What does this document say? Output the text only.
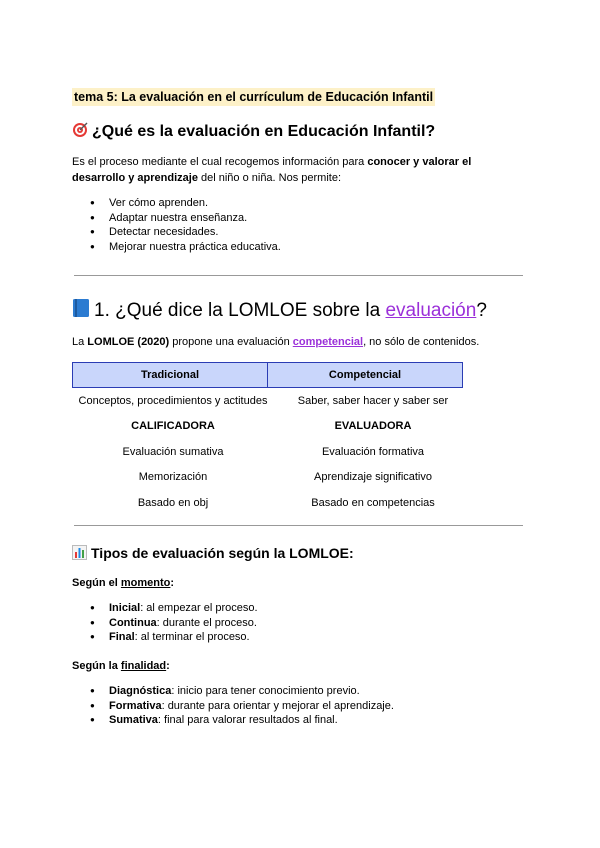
tema 5: La evaluación en el currículum de Educación Infantil
¿Qué es la evaluación en Educación Infantil?

Es el proceso mediante el cual recogemos información para conocer y valorar el desarrollo y aprendizaje del niño o niña. Nos permite:

● Ver cómo aprenden.
● Adaptar nuestra enseñanza.
● Detectar necesidades.
● Mejorar nuestra práctica educativa.
1. ¿Qué dice la LOMLOE sobre la evaluación?

La LOMLOE (2020) propone una evaluación competencial, no sólo de contenidos.

Tradicional	Competencial
Conceptos, procedimientos y actitudes	Saber, saber hacer y saber ser
CALIFICADORA	EVALUADORA
Evaluación sumativa	Evaluación formativa
Memorización	Aprendizaje significativo
Basado en obj	Basado en competencias
Tipos de evaluación según la LOMLOE:

Según el momento:

● Inicial: al empezar el proceso.
● Continua: durante el proceso.
● Final: al terminar el proceso.

Según la finalidad:

● Diagnóstica: inicio para tener conocimiento previo.
● Formativa: durante para orientar y mejorar el aprendizaje.
● Sumativa: final para valorar resultados al final.
